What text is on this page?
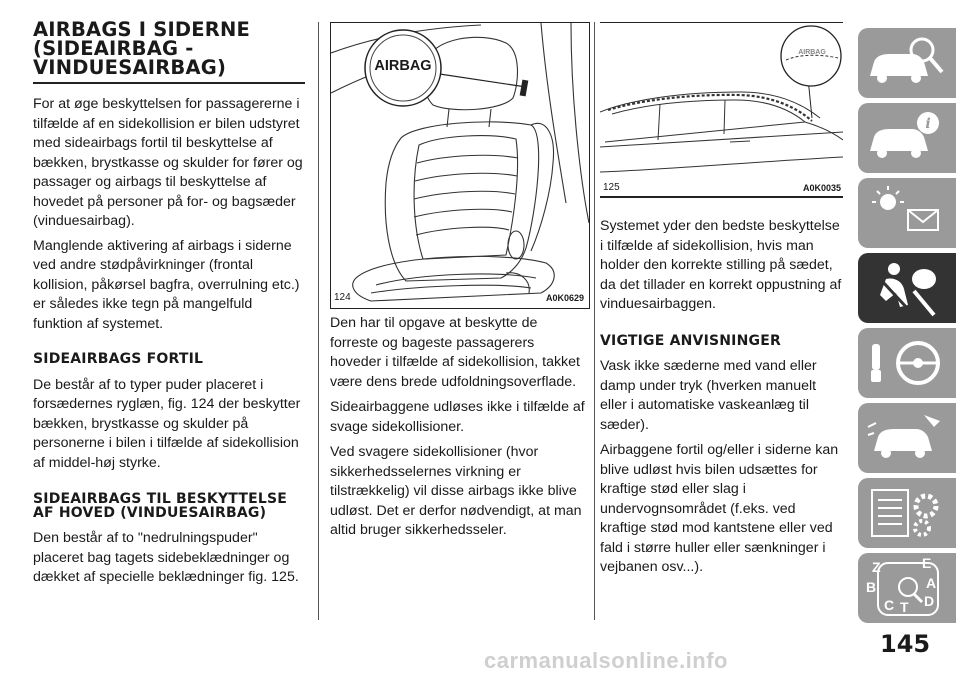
AIRBAGS I SIDERNE (SIDEAIRBAG - VINDUESAIRBAG)

For at øge beskyttelsen for passagererne i tilfælde af en sidekollision er bilen udstyret med sideairbags fortil til beskyttelse af bækken, brystkasse og skulder for fører og passager og airbags til beskyttelse af hovedet på personer på for- og bagsæder (vinduesairbag).

Manglende aktivering af airbags i siderne ved andre stødpåvirkninger (frontal kollision, påkørsel bagfra, overrulning etc.) er således ikke tegn på mangelfuld funktion af systemet.

SIDEAIRBAGS FORTIL

De består af to typer puder placeret i forsædernes ryglæn, fig. 124 der beskytter bækken, brystkasse og skulder på personerne i bilen i tilfælde af sidekollision af middel-høj styrke.

SIDEAIRBAGS TIL BESKYTTELSE AF HOVED (VINDUESAIRBAG)

Den består af to "nedrulningspuder" placeret bag tagets sidebeklædninger og dækket af specielle beklædninger fig. 125.

AIRBAG
124	A0K0629

Den har til opgave at beskytte de forreste og bageste passagerers hoveder i tilfælde af sidekollision, takket være dens brede udfoldningsoverflade.

Sideairbaggene udløses ikke i tilfælde af svage sidekollisioner.

Ved svagere sidekollisioner (hvor sikkerhedsselernes virkning er tilstrækkelig) vil disse airbags ikke blive udløst. Det er derfor nødvendigt, at man altid bruger sikkerhedsseler.

AIRBAG
125	A0K0035

Systemet yder den bedste beskyttelse i tilfælde af sidekollision, hvis man holder den korrekte stilling på sædet, da det tillader en korrekt oppustning af vinduesairbaggen.

VIGTIGE ANVISNINGER

Vask ikke sæderne med vand eller damp under tryk (hverken manuelt eller i automatiske vaskeanlæg til sæder).

Airbaggene fortil og/eller i siderne kan blive udløst hvis bilen udsættes for kraftige stød eller slag i undervognsområdet (f.eks. ved kraftige stød mod kantstene eller ved fald i større huller eller sænkninger i vejbanen osv...).

i
Z	E
B	A
C T D
145
carmanualsonline.info
